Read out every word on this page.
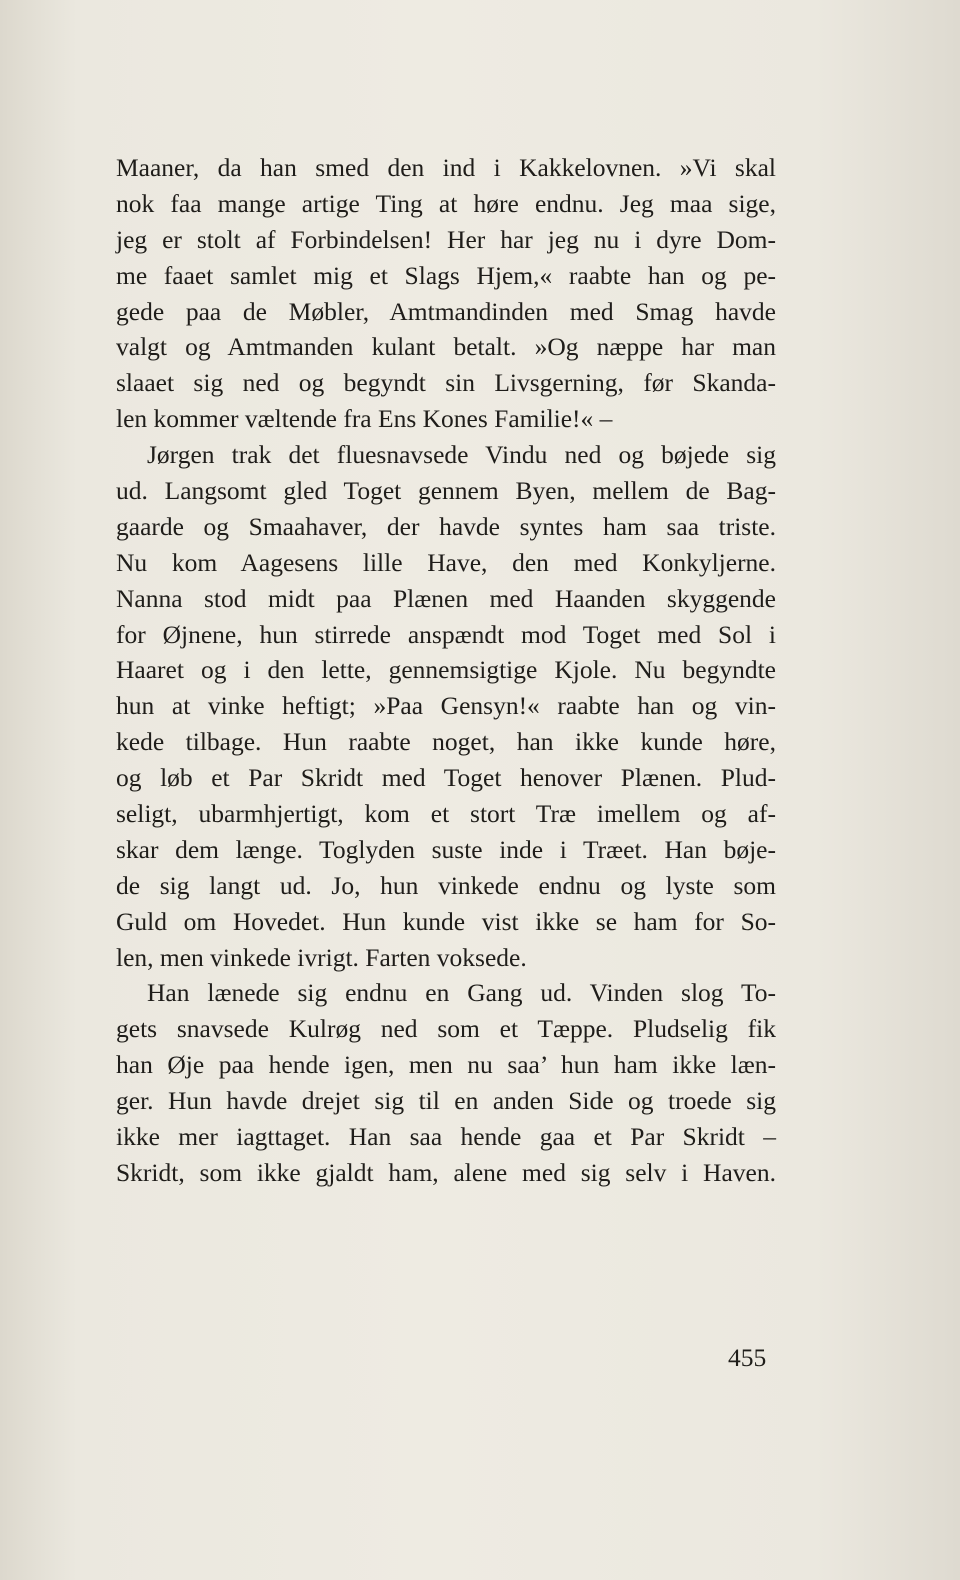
Maaner, da han smed den ind i Kakkelovnen. »Vi skal
nok faa mange artige Ting at høre endnu. Jeg maa sige,
jeg er stolt af Forbindelsen! Her har jeg nu i dyre Dom-
me faaet samlet mig et Slags Hjem,« raabte han og pe-
gede paa de Møbler, Amtmandinden med Smag havde
valgt og Amtmanden kulant betalt. »Og næppe har man
slaaet sig ned og begyndt sin Livsgerning, før Skanda-
len kommer væltende fra Ens Kones Familie!« –
Jørgen trak det fluesnavsede Vindu ned og bøjede sig
ud. Langsomt gled Toget gennem Byen, mellem de Bag-
gaarde og Smaahaver, der havde syntes ham saa triste.
Nu kom Aagesens lille Have, den med Konkyljerne.
Nanna stod midt paa Plænen med Haanden skyggende
for Øjnene, hun stirrede anspændt mod Toget med Sol i
Haaret og i den lette, gennemsigtige Kjole. Nu begyndte
hun at vinke heftigt; »Paa Gensyn!« raabte han og vin-
kede tilbage. Hun raabte noget, han ikke kunde høre,
og løb et Par Skridt med Toget henover Plænen. Plud-
seligt, ubarmhjertigt, kom et stort Træ imellem og af-
skar dem længe. Toglyden suste inde i Træet. Han bøje-
de sig langt ud. Jo, hun vinkede endnu og lyste som
Guld om Hovedet. Hun kunde vist ikke se ham for So-
len, men vinkede ivrigt. Farten voksede.
Han lænede sig endnu en Gang ud. Vinden slog To-
gets snavsede Kulrøg ned som et Tæppe. Pludselig fik
han Øje paa hende igen, men nu saa’ hun ham ikke læn-
ger. Hun havde drejet sig til en anden Side og troede sig
ikke mer iagttaget. Han saa hende gaa et Par Skridt –
Skridt, som ikke gjaldt ham, alene med sig selv i Haven.
455
